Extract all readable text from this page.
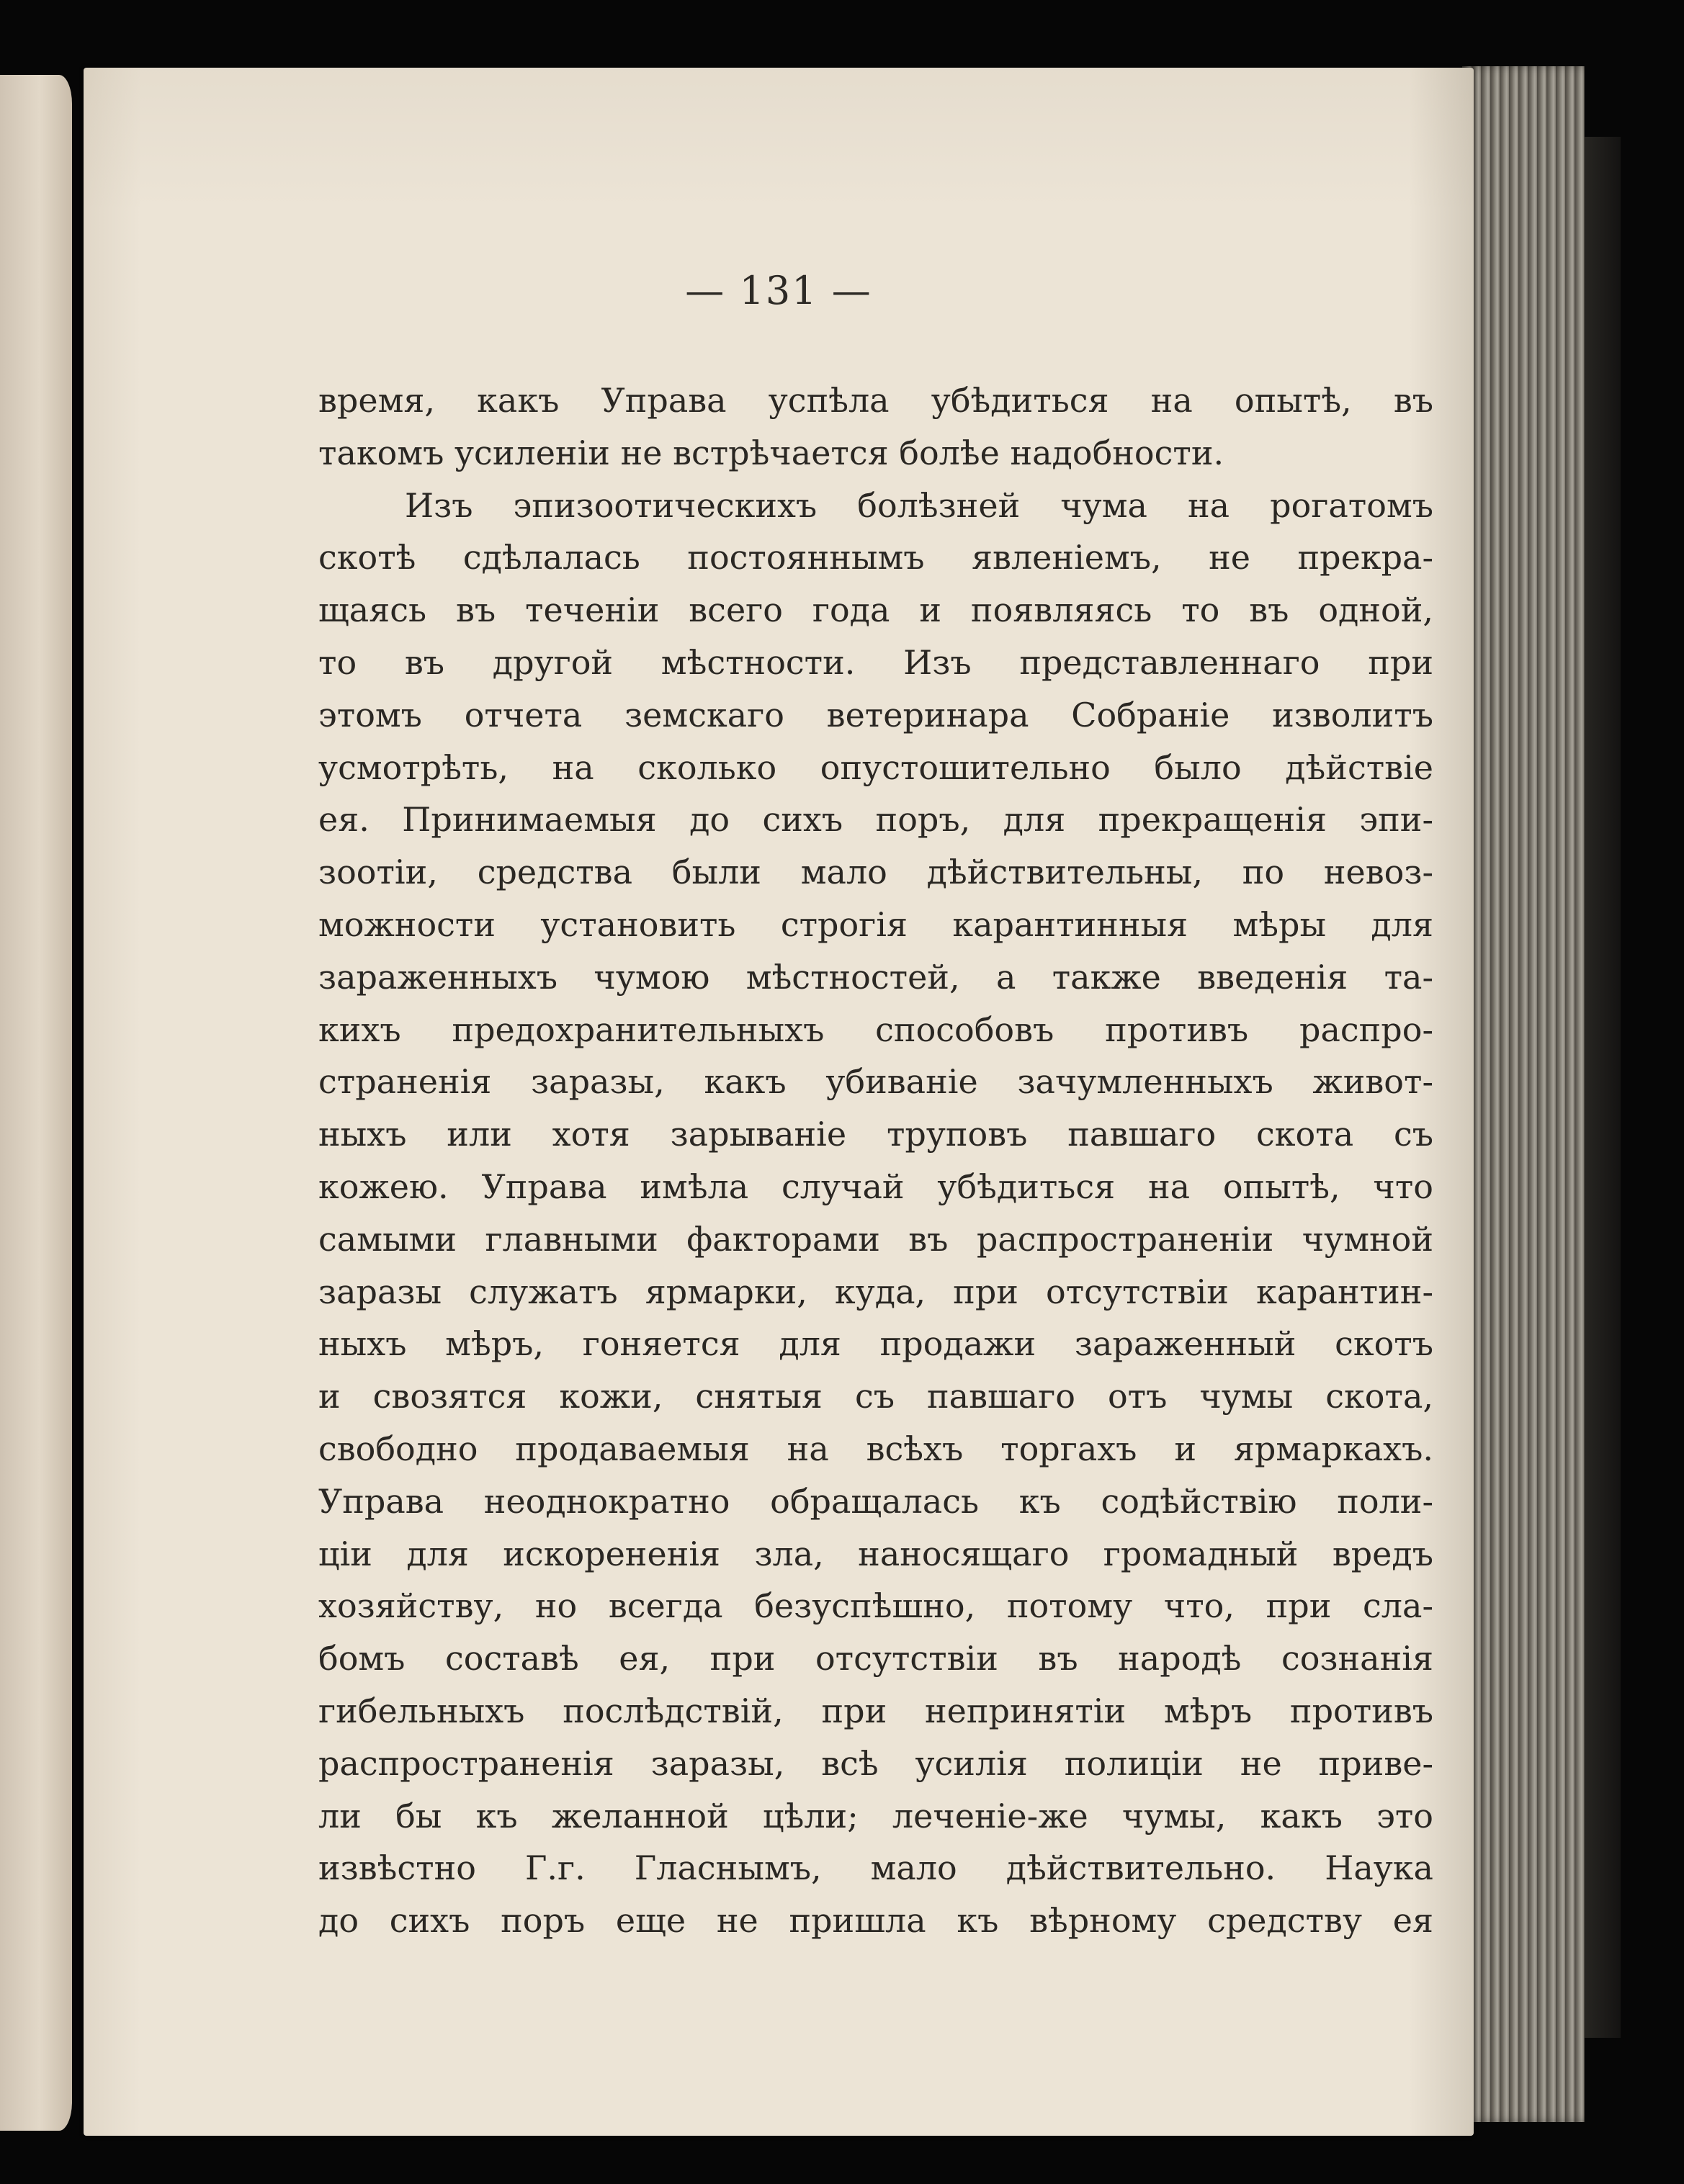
— 131 —
время, какъ Управа успѣла убѣдиться на опытѣ, въ
такомъ усиленіи не встрѣчается болѣе надобности.
Изъ эпизоотическихъ болѣзней чума на рогатомъ
скотѣ сдѣлалась постояннымъ явленіемъ, не прекра-
щаясь въ теченіи всего года и появляясь то въ одной,
то въ другой мѣстности. Изъ представленнаго при
этомъ отчета земскаго ветеринара Собраніе изволитъ
усмотрѣть, на сколько опустошительно было дѣйствіе
ея. Принимаемыя до сихъ поръ, для прекращенія эпи-
зоотіи, средства были мало дѣйствительны, по невоз-
можности установить строгія карантинныя мѣры для
зараженныхъ чумою мѣстностей, а также введенія та-
кихъ предохранительныхъ способовъ противъ распро-
страненія заразы, какъ убиваніе зачумленныхъ живот-
ныхъ или хотя зарываніе труповъ павшаго скота съ
кожею. Управа имѣла случай убѣдиться на опытѣ, что
самыми главными факторами въ распространеніи чумной
заразы служатъ ярмарки, куда, при отсутствіи карантин-
ныхъ мѣръ, гоняется для продажи зараженный скотъ
и свозятся кожи, снятыя съ павшаго отъ чумы скота,
свободно продаваемыя на всѣхъ торгахъ и ярмаркахъ.
Управа неоднократно обращалась къ содѣйствію поли-
ціи для искорененія зла, наносящаго громадный вредъ
хозяйству, но всегда безуспѣшно, потому что, при сла-
бомъ составѣ ея, при отсутствіи въ народѣ сознанія
гибельныхъ послѣдствій, при непринятіи мѣръ противъ
распространенія заразы, всѣ усилія полиціи не приве-
ли бы къ желанной цѣли; леченіе-же чумы, какъ это
извѣстно Г.г. Гласнымъ, мало дѣйствительно. Наука
до сихъ поръ еще не пришла къ вѣрному средству ея
